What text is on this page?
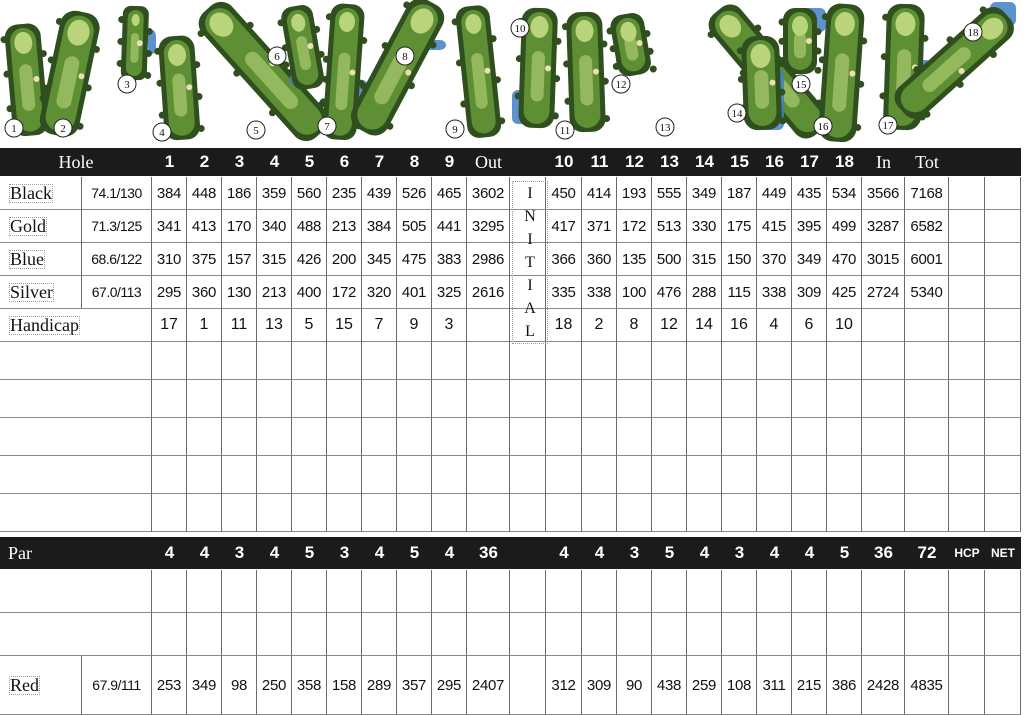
1	2
3
4	5
6
7
8
9
10
11
12
13
14
15
16	17
18
Hole	1	2	3	4	5	6	7	8	9	Out	10	11 12 13 14 15 16 17 18	In	Tot
Black	74.1/130	384 448 186 359 560 235 439 526 465 3602	450 414 193 555 349 187 449 435 534 3566 7168
Gold	71.3/125	341 413 170 340 488 213 384 505 441 3295	417 371 172 513 330 175 415 395 499 3287 6582
Blue	68.6/122	310 375 157 315 426 200 345 475 383 2986	366 360 135 500 315 150 370 349 470 3015 6001
Silver	67.0/113	295 360 130 213 400 172 320 401 325 2616	335 338 100 476 288 115 338 309 425 2724 5340
Handicap	17	1	11	13	5	15	7	9	3	18	2	8	12	14	16	4	6	10
Par	4	4	3	4	5	3	4	5	4	36	4	4	3	5	4	3	4	4	5	36	72	HCP NET
Red	67.9/111	253 349 98 250 358 158 289 357 295 2407	312 309 90 438 259 108 311 215 386 2428 4835
I
N
I
T
I
A
L
